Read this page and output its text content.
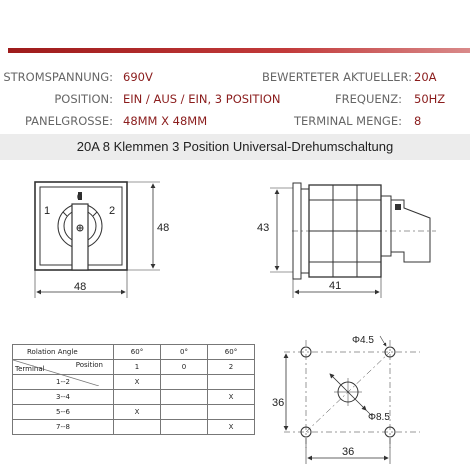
STROMSPANNUNG: 690V
POSITION: EIN / AUS / EIN, 3 POSITION
PANELGROSSE: 48MM X 48MM
BEWERTETER AKTUELLER: 20A
FREQUENZ: 50HZ
TERMINAL MENGE: 8
20A 8 Klemmen 3 Position Universal-Drehumschaltung
1
0
2
48
48
43
41
Φ4.5
Φ8.5
36
36
Rolation Angle	60°	0°	60°

Position
Terminal	1	0	2
1--2	X		
3--4			X
5--6	X		
7--8			X
